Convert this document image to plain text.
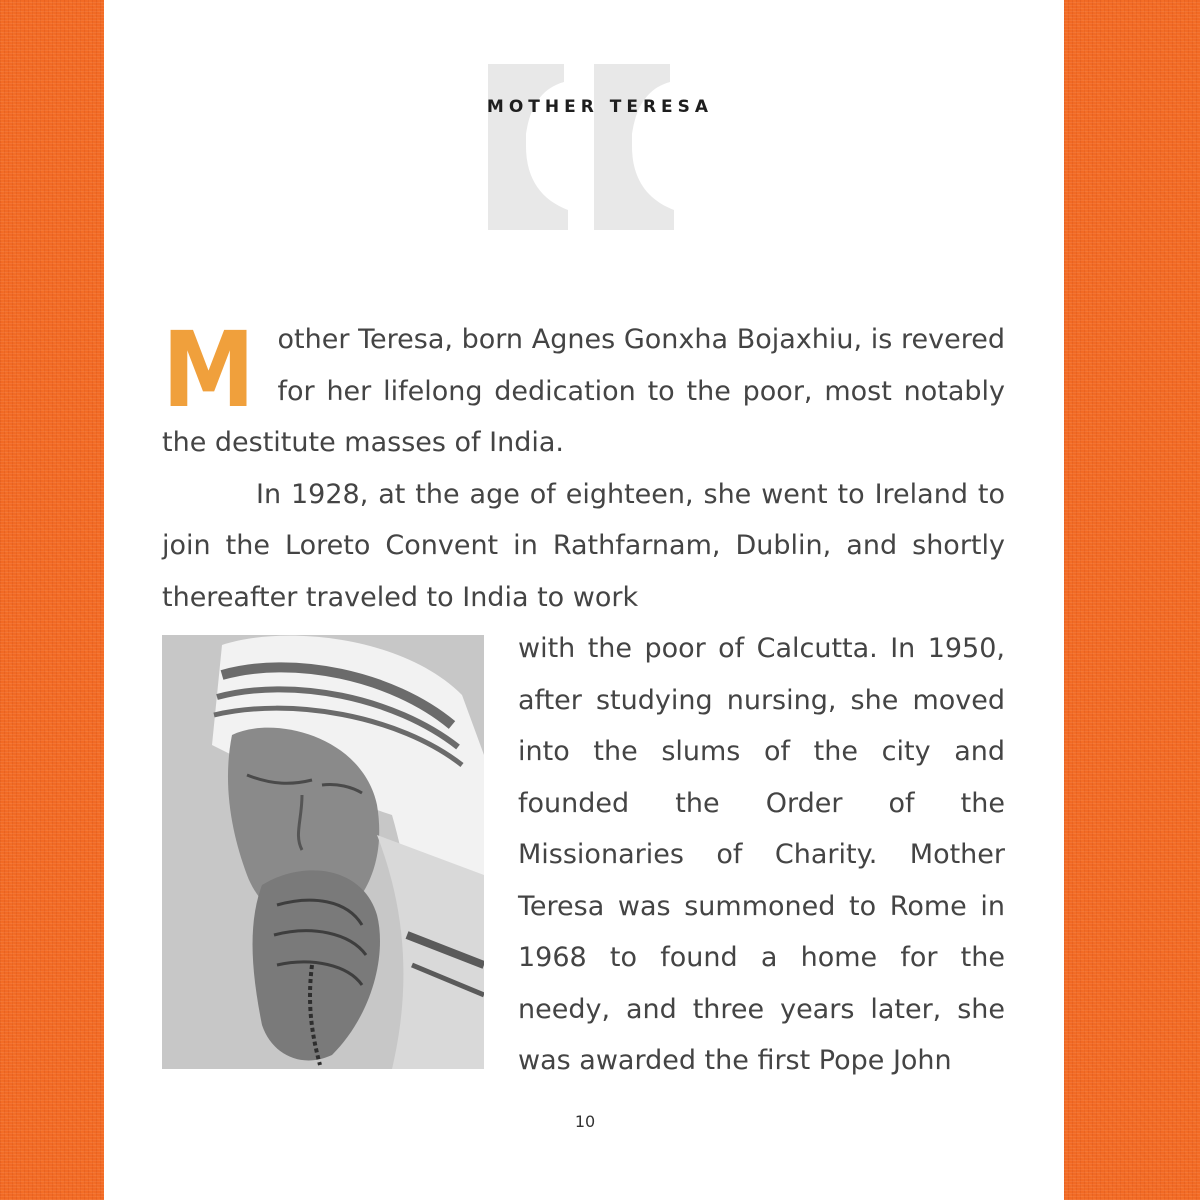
MOTHER TERESA

Mother Teresa, born Agnes Gonxha Bojaxhiu, is revered for her lifelong dedication to the poor, most notably the destitute masses of India.

In 1928, at the age of eighteen, she went to Ireland to join the Loreto Convent in Rathfarnam, Dublin, and shortly thereafter traveled to India to work

with the poor of Calcutta. In 1950, after studying nursing, she moved into the slums of the city and founded the Order of the Missionaries of Charity. Mother Teresa was summoned to Rome in 1968 to found a home for the needy, and three years later, she was awarded the first Pope John

10
